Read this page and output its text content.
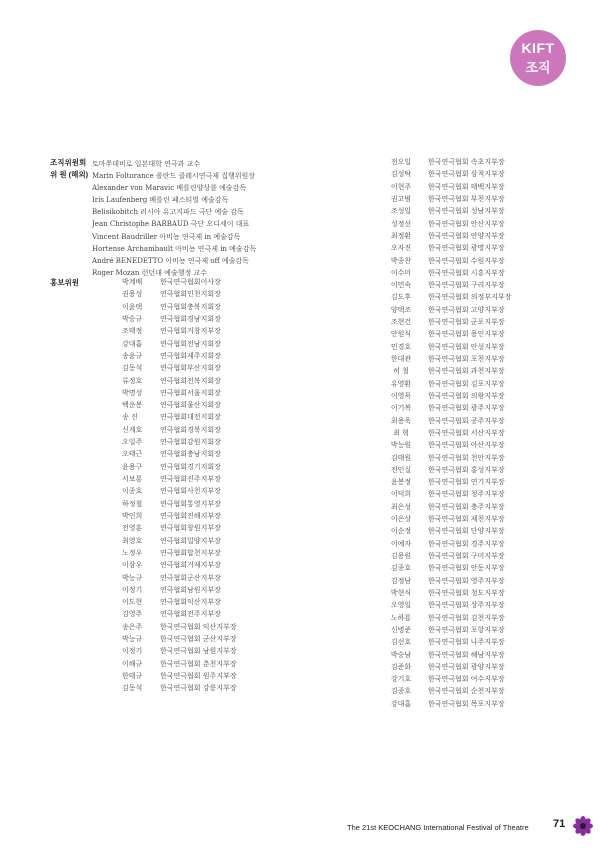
KIFT
조직
조직위원회
위 원 (해외)
홍보위원
토마쭈데비로 일본대학 연극과 교수
Marin Foltorance 폴란드 클레시연극제 집행위원장
Alexander von Maravic 베를린양상블 예술감독
Iris Laufenberg 베를린 페스티벌 예술감독
Belisikobitch 러시아 유고지파드 극단 예술 감독
Jean Christophe BARBAUD 극단 오디세이 대표
Vincent Baudriller 아비뇽 연극제 in 예술감독
Hortense Archambault 아비뇽 연극제 in 예술감독
André BENEDETTO 아비뇽 연극제 off 예술감독
Roger Mozan 런던대 예술행정 교수
박계배
권용성
이윤택
박승규
조태정
강대흡
송윤규
김동석
류정호
박명성
백운봉
송 진
신계호
오일주
오태근
윤용구
서보룡
이종호
하정철
박인희
전영훈
최영호
노정우
이삼우
박능규
이정기
이도현
김영주
송은주
박능규
이정기
이해규
한태규
김동석
한국연극협회이사장
연극협회인천지회장
연극협회충북지회장
연극협회경남지회장
연극협회거창지부장
연극협회전남지회장
연극협회제주지회장
연극협회부산지회장
연극협회전북지회장
연극협회서울지회장
연극협회울산지회장
연극협회대전지회장
연극협회경북지회장
연극협회강원지회장
연극협회충남지회장
연극협회경기지회장
연극협회진주지부장
연극협회사천지부장
연극협회통영지부장
연극협회진해지부장
연극협회창원지부장
연극협회밀양지부장
연극협회합천지부장
연극협회거제지부장
연극협회군산지부장
연극협회남원지부장
연극협회익산지부장
연극협회전주지부장
한국연극협회 익산지부장
한국연극협회 군산지부장
한국연극협회 남원지부장
한국연극협회 춘천지부장
한국연극협회 원주지부장
한국연극협회 강릉지부장
전오일
김성탁
이현주
권고범
조성일
성정선
최정환
오자진
박종찬
이수미
이민숙
김도후
양택조
조현건
안원식
민경호
한대관
허 철
유영환
이영묵
이기복
최용욱
최 혁
박능원
김태원
전인실
윤봉정
이덕희
최은성
이은상
이순정
이예자
김용원
김종호
김정남
박현식
오영일
노하룡
신병준
김선호
박승남
김준화
강기호
김종호
강대흡
한국연극협회 속초지부장
한국연극협회 삼척지부장
한국연극협회 태백지부장
한국연극협회 부천지부장
한국연극협회 성남지부장
한국연극협회 안산지부장
한국연극협회 안양지부장
한국연극협회 광명지부장
한국연극협회 수원지부장
한국연극협회 시흥지부장
한국연극협회 구리지부장
한국연극협회 의정부지부장
한국연극협회 고양지부장
한국연극협회 군포지부장
한국연극협회 용인지부장
한국연극협회 안성지부장
한국연극협회 포천지부장
한국연극협회 과천지부장
한국연극협회 김포지부장
한국연극협회 의왕지부장
한국연극협회 광주지부장
한국연극협회 공주지부장
한국연극협회 서산지부장
한국연극협회 아산지부장
한국연극협회 천안지부장
한국연극협회 홍성지부장
한국연극협회 연기지부장
한국연극협회 청주지부장
한국연극협회 충주지부장
한국연극협회 제천지부장
한국연극협회 단양지부장
한국연극협회 경주지부장
한국연극협회 구미지부장
한국연극협회 안동지부장
한국연극협회 영주지부장
한국연극협회 청도지부장
한국연극협회 상주지부장
한국연극협회 김천지부장
한국연극협회 포항지부장
한국연극협회 나주지부장
한국연극협회 해남지부장
한국연극협회 광양지부장
한국연극협회 여수지부장
한국연극협회 순천지부장
한국연극협회 목포지부장
The 21st KEOCHANG International Festival of Theatre 71
